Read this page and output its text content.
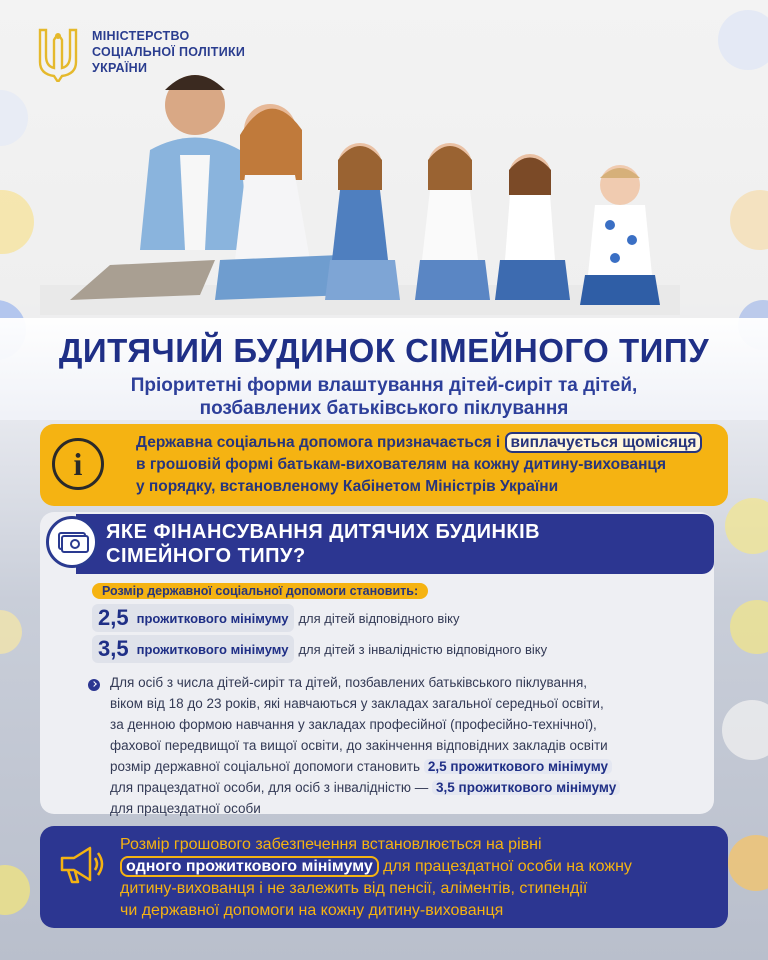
МІНІСТЕРСТВО
СОЦІАЛЬНОЇ ПОЛІТИКИ
УКРАЇНИ
ДИТЯЧИЙ БУДИНОК СІМЕЙНОГО ТИПУ
Пріоритетні форми влаштування дітей-сиріт та дітей,
позбавлених батьківського піклування
i
Державна соціальна допомога призначається і виплачується щомісяця
в грошовій формі батькам-вихователям на кожну дитину-вихованця
у порядку, встановленому Кабінетом Міністрів України
ЯКЕ ФІНАНСУВАННЯ ДИТЯЧИХ БУДИНКІВ
СІМЕЙНОГО ТИПУ?
Розмір державної соціальної допомоги становить:
2,5 прожиткового мінімуму для дітей відповідного віку
3,5 прожиткового мінімуму для дітей з інвалідністю відповідного віку
Для осіб з числа дітей-сиріт та дітей, позбавлених батьківського піклування,
віком від 18 до 23 років, які навчаються у закладах загальної середньої освіти,
за денною формою навчання у закладах професійної (професійно-технічної),
фахової передвищої та вищої освіти, до закінчення відповідних закладів освіти
розмір державної соціальної допомоги становить 2,5 прожиткового мінімуму
для працездатної особи, для осіб з інвалідністю — 3,5 прожиткового мінімуму
для працездатної особи
Розмір грошового забезпечення встановлюється на рівні
одного прожиткового мінімуму для працездатної особи на кожну
дитину-вихованця і не залежить від пенсії, аліментів, стипендії
чи державної допомоги на кожну дитину-вихованця
